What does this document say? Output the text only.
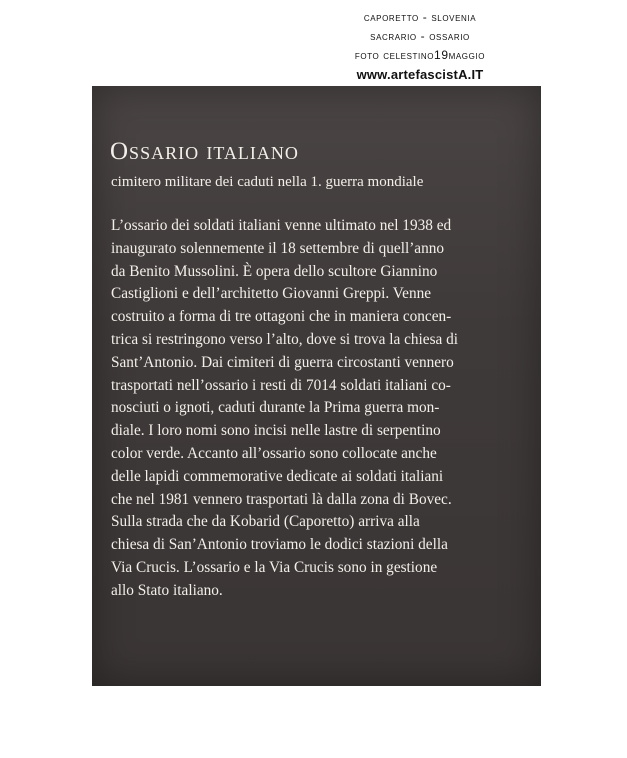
caporetto - slovenia
sacrario - ossario
foto celestino19maggio
www.artefascistA.IT
Ossario italiano

cimitero militare dei caduti nella 1. guerra mondiale

L’ossario dei soldati italiani venne ultimato nel 1938 ed
inaugurato solennemente il 18 settembre di quell’anno
da Benito Mussolini. È opera dello scultore Giannino
Castiglioni e dell’architetto Giovanni Greppi. Venne
costruito a forma di tre ottagoni che in maniera concen-
trica si restringono verso l’alto, dove si trova la chiesa di
Sant’Antonio. Dai cimiteri di guerra circostanti vennero
trasportati nell’ossario i resti di 7014 soldati italiani co-
nosciuti o ignoti, caduti durante la Prima guerra mon-
diale. I loro nomi sono incisi nelle lastre di serpentino
color verde. Accanto all’ossario sono collocate anche
delle lapidi commemorative dedicate ai soldati italiani
che nel 1981 vennero trasportati là dalla zona di Bovec.
Sulla strada che da Kobarid (Caporetto) arriva alla
chiesa di San’Antonio troviamo le dodici stazioni della
Via Crucis. L’ossario e la Via Crucis sono in gestione
allo Stato italiano.
